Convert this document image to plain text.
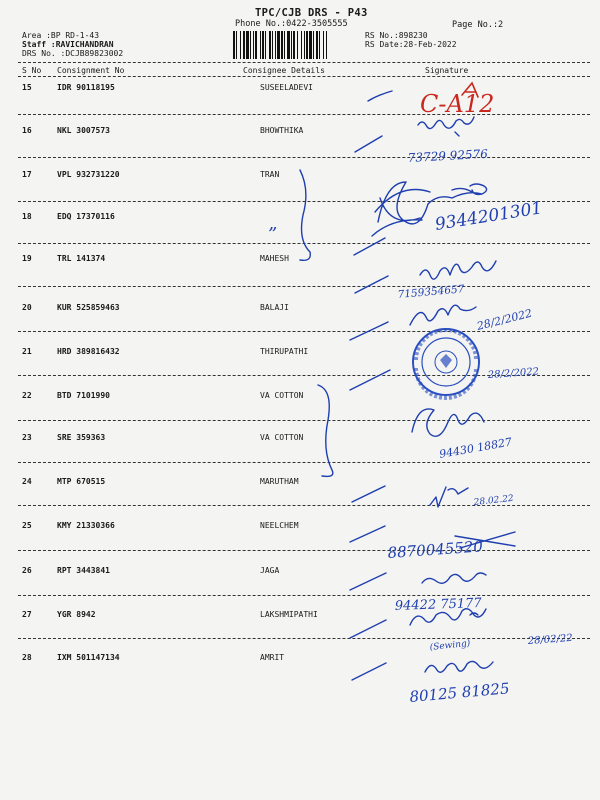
TPC/CJB DRS - P43
Phone No.:0422-3505555	Page No.:2
Area :BP RD-1-43
Staff :RAVICHANDRAN
DRS No. :DCJB89823002
RS No.:898230
RS Date:28-Feb-2022
S No Consignment No	Consignee Details	Signature
15	IDR 90118195	SUSEELADEVI
16	NKL 3007573	BHOWTHIKA
17	VPL 932731220	TRAN
18	EDQ 17370116
19	TRL 141374	MAHESH
20	KUR 525859463	BALAJI
21	HRD 389816432	THIRUPATHI
22	BTD 7101990	VA COTTON
23	SRE 359363	VA COTTON
24	MTP 670515	MARUTHAM
25	KMY 21330366	NEELCHEM
26	RPT 3443841	JAGA
27	YGR 8942	LAKSHMIPATHI
28	IXM 501147134	AMRIT
C-A12
73729 92576
9344201301
”
7159354657
28/2/2022
28/2/2022
94430 18827
28.02.22
8870045520
94422 75177
(Sewing)	28/02/22
80125 81825
